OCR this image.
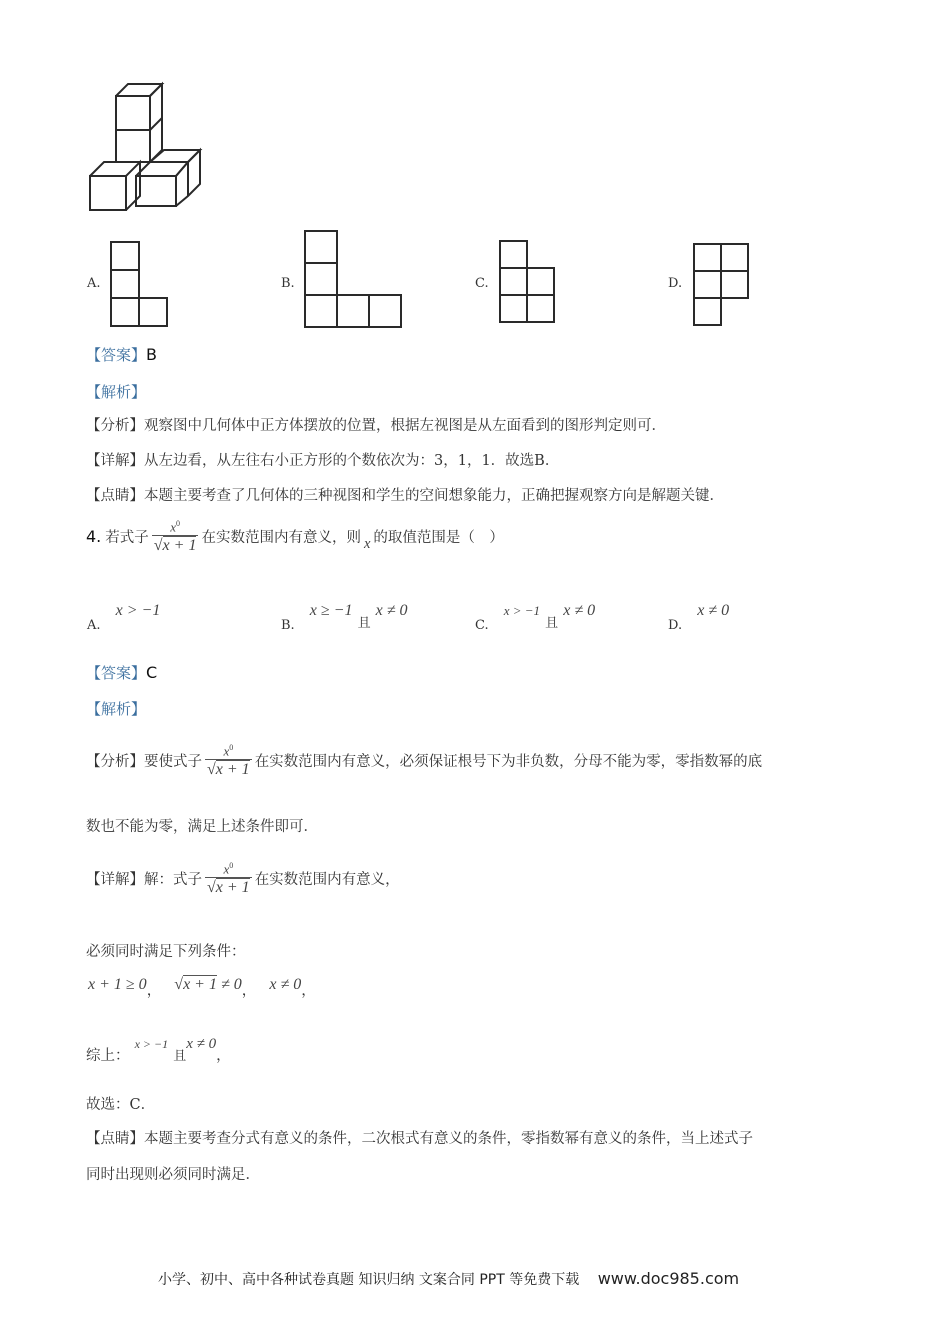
A.	B.	C.	D.
【答案】B
【解析】
【分析】观察图中几何体中正方体摆放的位置，根据左视图是从左面看到的图形判定则可．
【详解】从左边看，从左往右小正方形的个数依次为：3，1，1．故选B．
【点睛】本题主要考查了几何体的三种视图和学生的空间想象能力，正确把握观察方向是解题关键．
4. 若式子 $\frac{x^0}{√x + 1}$ 在实数范围内有意义，则 x 的取值范围是（　）
$_{A.}$ x > −1
$_{B.}$ x ≥ −1 $_且$ x ≠ 0
$_{C.}$ x > −1 $_且$ x ≠ 0
$_{D.}$ x ≠ 0
【答案】C
【解析】
【分析】 要使式子 $\frac{x^0}{√x + 1}$ 在实数范围内有意义，必须保证根号下为非负数，分母不能为零，零指数幂的底
数也不能为零，满足上述条件即可．
【详解】 解：式子 $\frac{x^0}{√x + 1}$ 在实数范围内有意义，
必须同时满足下列条件：
x + 1 ≥ 0， √x + 1 ≠ 0， x ≠ 0，
综上： x > −1 $_且$x ≠ 0，
故选：C．
【点睛】本题主要考查分式有意义的条件，二次根式有意义的条件，零指数幂有意义的条件，当上述式子
同时出现则必须同时满足．
小学、初中、高中各种试卷真题 知识归纳 文案合同 PPT 等免费下载 www.doc985.com
